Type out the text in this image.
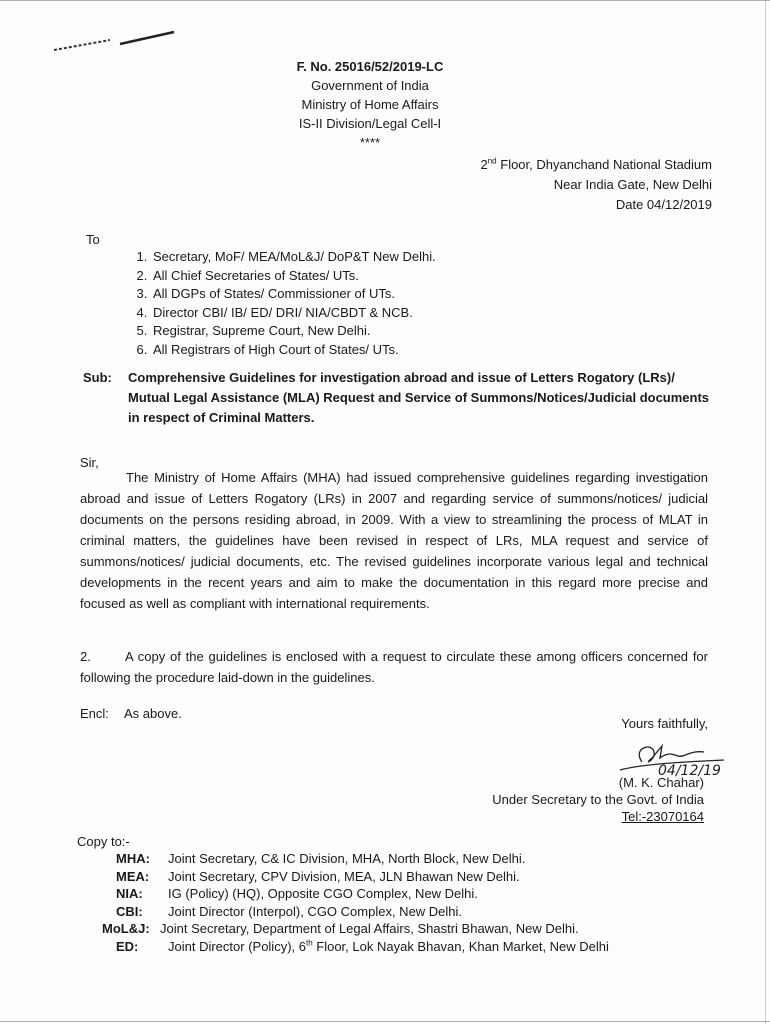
F. No. 25016/52/2019-LC
Government of India
Ministry of Home Affairs
IS-II Division/Legal Cell-I
****
2nd Floor, Dhyanchand National Stadium
Near India Gate, New Delhi
Date 04/12/2019
To
1. Secretary, MoF/ MEA/MoL&J/ DoP&T New Delhi.
2. All Chief Secretaries of States/ UTs.
3. All DGPs of States/ Commissioner of UTs.
4. Director CBI/ IB/ ED/ DRI/ NIA/CBDT & NCB.
5. Registrar, Supreme Court, New Delhi.
6. All Registrars of High Court of States/ UTs.
Sub: Comprehensive Guidelines for investigation abroad and issue of Letters Rogatory (LRs)/ Mutual Legal Assistance (MLA) Request and Service of Summons/Notices/Judicial documents in respect of Criminal Matters.
Sir,
The Ministry of Home Affairs (MHA) had issued comprehensive guidelines regarding investigation abroad and issue of Letters Rogatory (LRs) in 2007 and regarding service of summons/notices/ judicial documents on the persons residing abroad, in 2009. With a view to streamlining the process of MLAT in criminal matters, the guidelines have been revised in respect of LRs, MLA request and service of summons/notices/ judicial documents, etc. The revised guidelines incorporate various legal and technical developments in the recent years and aim to make the documentation in this regard more precise and focused as well as compliant with international requirements.
2.	A copy of the guidelines is enclosed with a request to circulate these among officers concerned for following the procedure laid-down in the guidelines.
Encl: As above.
Yours faithfully,
04/12/19
(M. K. Chahar)
Under Secretary to the Govt. of India
Tel:-23070164
Copy to:-
MHA:	Joint Secretary, C& IC Division, MHA, North Block, New Delhi.
MEA:	Joint Secretary, CPV Division, MEA, JLN Bhawan New Delhi.
NIA:	IG (Policy) (HQ), Opposite CGO Complex, New Delhi.
CBI:	Joint Director (Interpol), CGO Complex, New Delhi.
MoL&J: Joint Secretary, Department of Legal Affairs, Shastri Bhawan, New Delhi.
ED:	Joint Director (Policy), 6th Floor, Lok Nayak Bhavan, Khan Market, New Delhi
